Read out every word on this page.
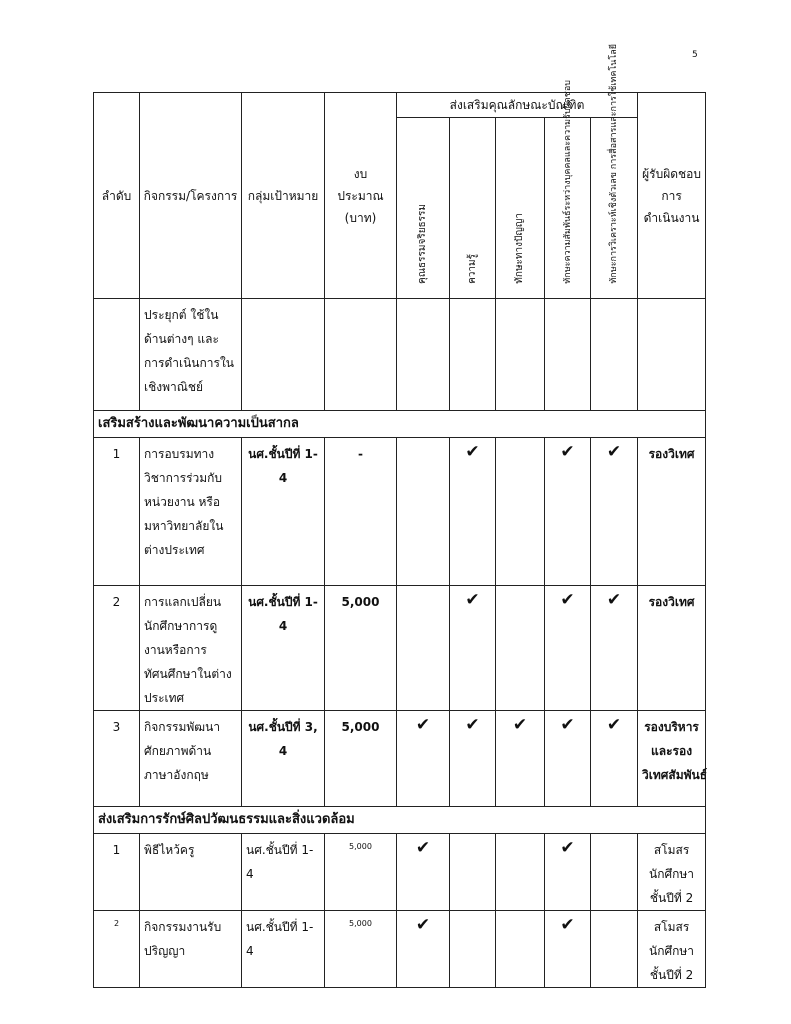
5
ลำดับ	กิจกรรม/โครงการ	กลุ่มเป้าหมาย	งบประมาณ (บาท)	ส่งเสริมคุณลักษณะบัณฑิต					ผู้รับผิดชอบการ ดำเนินงาน

				คุณธรรมจริยธรรม	ความรู้	ทักษะทางปัญญา	ทักษะความสัมพันธ์ระหว่างบุคคลและความรับผิดชอบ	ทักษะการวิเคราะห์เชิงตัวเลข การสื่อสารและการใช้เทคโนโลยี	

	ประยุกต์ ใช้ในด้านต่างๆ และการดำเนินการในเชิงพาณิชย์								
เสริมสร้างและพัฒนาความเป็นสากล									
1	การอบรมทางวิชาการร่วมกับหน่วยงาน หรือมหาวิทยาลัยในต่างประเทศ	นศ.ชั้นปีที่ 1-4	-		✔		✔	✔	รองวิเทศ
2	การแลกเปลี่ยนนักศึกษาการดูงานหรือการทัศนศึกษาในต่างประเทศ	นศ.ชั้นปีที่ 1-4	5,000		✔		✔	✔	รองวิเทศ
3	กิจกรรมพัฒนาศักยภาพด้านภาษาอังกฤษ	นศ.ชั้นปีที่ 3, 4	5,000	✔	✔	✔	✔	✔	รองบริหารและรองวิเทศสัมพันธ์
ส่งเสริมการรักษ์ศิลปวัฒนธรรมและสิ่งแวดล้อม									
1	พิธีไหว้ครู	นศ.ชั้นปีที่ 1-4	5,000	✔			✔		สโมสรนักศึกษาชั้นปีที่ 2
2	กิจกรรมงานรับปริญญา	นศ.ชั้นปีที่ 1-4	5,000	✔			✔		สโมสรนักศึกษาชั้นปีที่ 2
